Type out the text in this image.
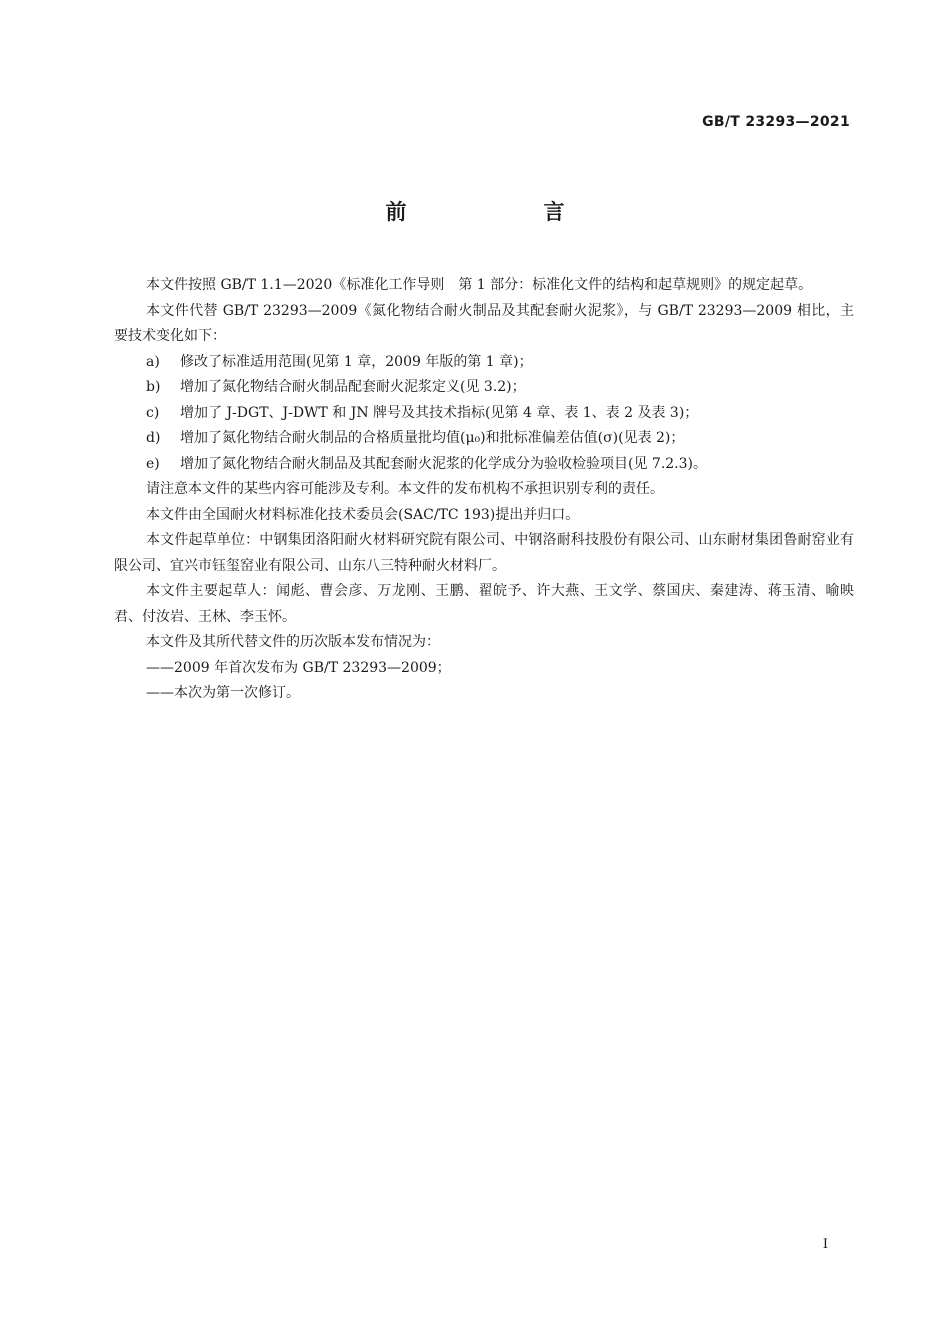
GB/T 23293—2021
前　言

本文件按照 GB/T 1.1—2020《标准化工作导则　第 1 部分：标准化文件的结构和起草规则》的规定起草。

本文件代替 GB/T 23293—2009《氮化物结合耐火制品及其配套耐火泥浆》，与 GB/T 23293—2009 相比，主要技术变化如下：

a) 修改了标准适用范围(见第 1 章，2009 年版的第 1 章)；

b) 增加了氮化物结合耐火制品配套耐火泥浆定义(见 3.2)；

c) 增加了 J-DGT、J-DWT 和 JN 牌号及其技术指标(见第 4 章、表 1、表 2 及表 3)；

d) 增加了氮化物结合耐火制品的合格质量批均值(μ₀)和批标准偏差估值(σ)(见表 2)；

e) 增加了氮化物结合耐火制品及其配套耐火泥浆的化学成分为验收检验项目(见 7.2.3)。

请注意本文件的某些内容可能涉及专利。本文件的发布机构不承担识别专利的责任。

本文件由全国耐火材料标准化技术委员会(SAC/TC 193)提出并归口。

本文件起草单位：中钢集团洛阳耐火材料研究院有限公司、中钢洛耐科技股份有限公司、山东耐材集团鲁耐窑业有限公司、宜兴市钰玺窑业有限公司、山东八三特种耐火材料厂。

本文件主要起草人：闻彪、曹会彦、万龙刚、王鹏、翟皖予、许大燕、王文学、蔡国庆、秦建涛、蒋玉清、喻映君、付汝岩、王林、李玉怀。

本文件及其所代替文件的历次版本发布情况为：

——2009 年首次发布为 GB/T 23293—2009；

——本次为第一次修订。

I
